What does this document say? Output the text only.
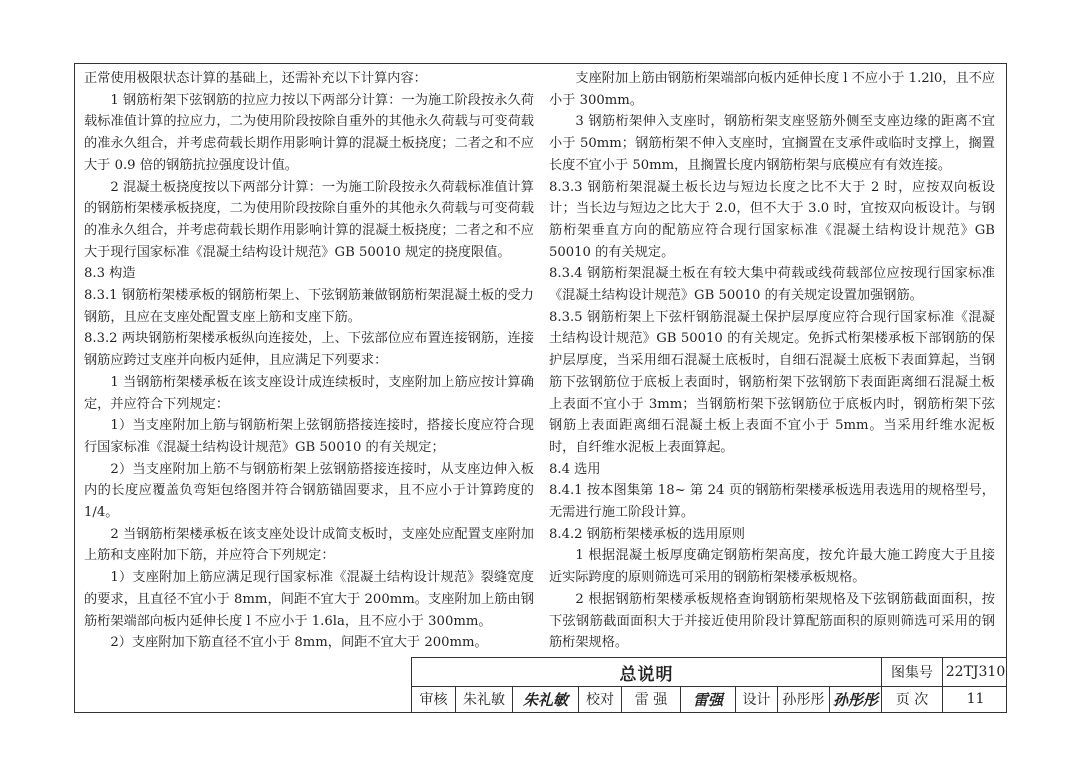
正常使用极限状态计算的基础上，还需补充以下计算内容：

1 钢筋桁架下弦钢筋的拉应力按以下两部分计算：一为施工阶段按永久荷载标准值计算的拉应力，二为使用阶段按除自重外的其他永久荷载与可变荷载的准永久组合，并考虑荷载长期作用影响计算的混凝土板挠度；二者之和不应大于 0.9 倍的钢筋抗拉强度设计值。

2 混凝土板挠度按以下两部分计算：一为施工阶段按永久荷载标准值计算的钢筋桁架楼承板挠度，二为使用阶段按除自重外的其他永久荷载与可变荷载的准永久组合，并考虑荷载长期作用影响计算的混凝土板挠度；二者之和不应大于现行国家标准《混凝土结构设计规范》GB 50010 规定的挠度限值。

8.3 构造

8.3.1 钢筋桁架楼承板的钢筋桁架上、下弦钢筋兼做钢筋桁架混凝土板的受力钢筋，且应在支座处配置支座上筋和支座下筋。

8.3.2 两块钢筋桁架楼承板纵向连接处，上、下弦部位应布置连接钢筋，连接钢筋应跨过支座并向板内延伸，且应满足下列要求：

1 当钢筋桁架楼承板在该支座设计成连续板时，支座附加上筋应按计算确定，并应符合下列规定：

1）当支座附加上筋与钢筋桁架上弦钢筋搭接连接时，搭接长度应符合现行国家标准《混凝土结构设计规范》GB 50010 的有关规定；

2）当支座附加上筋不与钢筋桁架上弦钢筋搭接连接时，从支座边伸入板内的长度应覆盖负弯矩包络图并符合钢筋锚固要求，且不应小于计算跨度的 1/4。

2 当钢筋桁架楼承板在该支座处设计成简支板时，支座处应配置支座附加上筋和支座附加下筋，并应符合下列规定：

1）支座附加上筋应满足现行国家标准《混凝土结构设计规范》裂缝宽度的要求，且直径不宜小于 8mm，间距不宜大于 200mm。支座附加上筋由钢筋桁架端部向板内延伸长度 l 不应小于 1.6la，且不应小于 300mm。

2）支座附加下筋直径不宜小于 8mm，间距不宜大于 200mm。

支座附加上筋由钢筋桁架端部向板内延伸长度 l 不应小于 1.2l0，且不应小于 300mm。

3 钢筋桁架伸入支座时，钢筋桁架支座竖筋外侧至支座边缘的距离不宜小于 50mm；钢筋桁架不伸入支座时，宜搁置在支承件或临时支撑上，搁置长度不宜小于 50mm，且搁置长度内钢筋桁架与底模应有有效连接。

8.3.3 钢筋桁架混凝土板长边与短边长度之比不大于 2 时，应按双向板设计；当长边与短边之比大于 2.0，但不大于 3.0 时，宜按双向板设计。与钢筋桁架垂直方向的配筋应符合现行国家标准《混凝土结构设计规范》GB 50010 的有关规定。

8.3.4 钢筋桁架混凝土板在有较大集中荷载或线荷载部位应按现行国家标准《混凝土结构设计规范》GB 50010 的有关规定设置加强钢筋。

8.3.5 钢筋桁架上下弦杆钢筋混凝土保护层厚度应符合现行国家标准《混凝土结构设计规范》GB 50010 的有关规定。免拆式桁架楼承板下部钢筋的保护层厚度，当采用细石混凝土底板时，自细石混凝土底板下表面算起，当钢筋下弦钢筋位于底板上表面时，钢筋桁架下弦钢筋下表面距离细石混凝土板上表面不宜小于 3mm；当钢筋桁架下弦钢筋位于底板内时，钢筋桁架下弦钢筋上表面距离细石混凝土板上表面不宜小于 5mm。当采用纤维水泥板时，自纤维水泥板上表面算起。

8.4 选用

8.4.1 按本图集第 18~ 第 24 页的钢筋桁架楼承板选用表选用的规格型号，无需进行施工阶段计算。

8.4.2 钢筋桁架楼承板的选用原则

1 根据混凝土板厚度确定钢筋桁架高度，按允许最大施工跨度大于且接近实际跨度的原则筛选可采用的钢筋桁架楼承板规格。

2 根据钢筋桁架楼承板规格查询钢筋桁架规格及下弦钢筋截面面积，按下弦钢筋截面面积大于并接近使用阶段计算配筋面积的原则筛选可采用的钢筋桁架规格。

总说明	图集号 22TJ310
审核	朱礼敏	朱礼敏	校对	雷 强	雷强	设计 孙彤彤 孙彤彤	页 次	11
